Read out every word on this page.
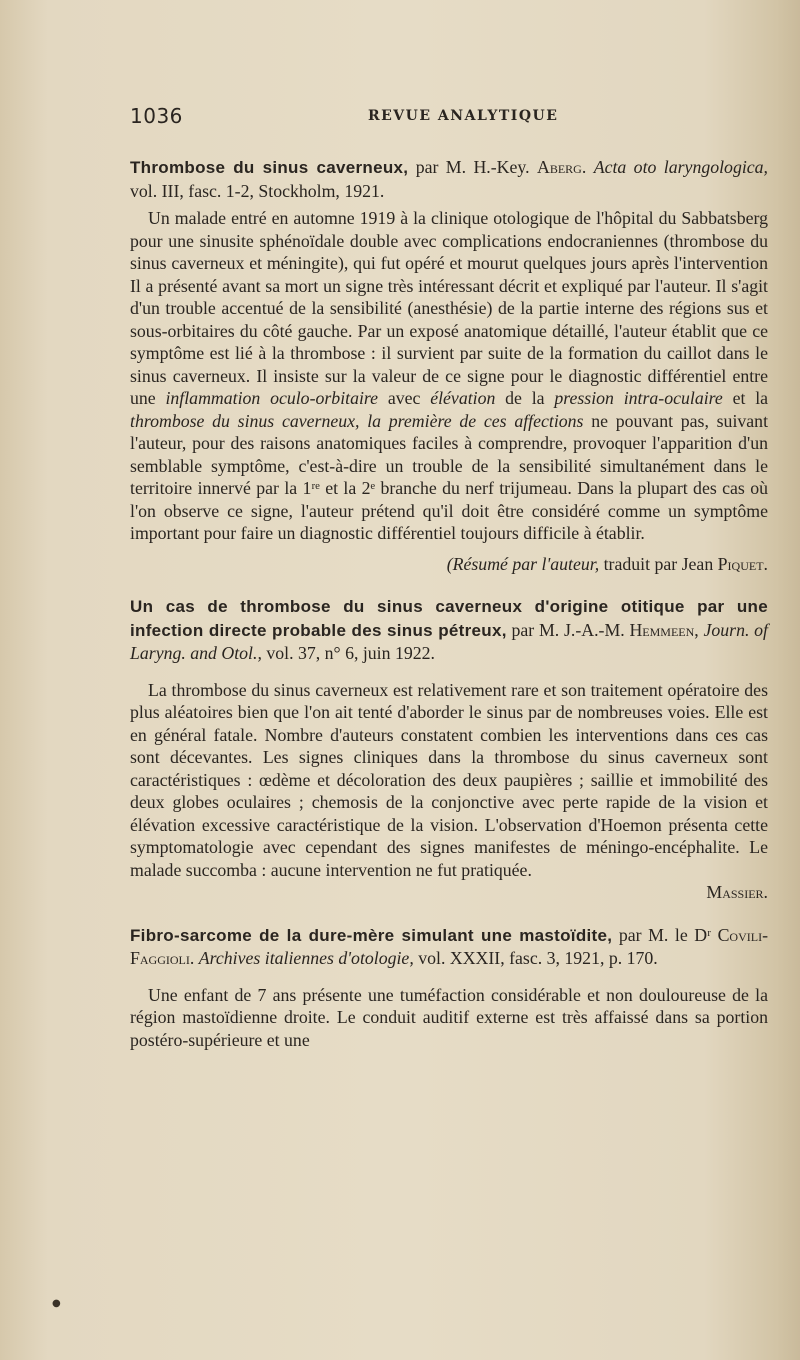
1036	REVUE ANALYTIQUE

Thrombose du sinus caverneux, par M. H.-Key. Aberg. Acta oto laryngologica, vol. III, fasc. 1-2, Stockholm, 1921.

Un malade entré en automne 1919 à la clinique otologique de l'hôpital du Sabbatsberg pour une sinusite sphénoïdale double avec complications endocraniennes (thrombose du sinus caverneux et méningite), qui fut opéré et mourut quelques jours après l'intervention Il a présenté avant sa mort un signe très intéressant décrit et expliqué par l'auteur. Il s'agit d'un trouble accentué de la sensibilité (anesthésie) de la partie interne des régions sus et sous-orbitaires du côté gauche. Par un exposé anatomique détaillé, l'auteur établit que ce symptôme est lié à la thrombose : il survient par suite de la formation du caillot dans le sinus caverneux. Il insiste sur la valeur de ce signe pour le diagnostic différentiel entre une inflammation oculo-orbitaire avec élévation de la pression intra-oculaire et la thrombose du sinus caverneux, la première de ces affections ne pouvant pas, suivant l'auteur, pour des raisons anatomiques faciles à comprendre, provoquer l'apparition d'un semblable symptôme, c'est-à-dire un trouble de la sensibilité simultanément dans le territoire innervé par la 1ʳᵉ et la 2ᵉ branche du nerf trijumeau. Dans la plupart des cas où l'on observe ce signe, l'auteur prétend qu'il doit être considéré comme un symptôme important pour faire un diagnostic différentiel toujours difficile à établir.

(Résumé par l'auteur, traduit par Jean Piquet.

Un cas de thrombose du sinus caverneux d'origine otitique par une infection directe probable des sinus pétreux, par M. J.-A.-M. Hemmeen, Journ. of Laryng. and Otol., vol. 37, n° 6, juin 1922.

La thrombose du sinus caverneux est relativement rare et son traitement opératoire des plus aléatoires bien que l'on ait tenté d'aborder le sinus par de nombreuses voies. Elle est en général fatale. Nombre d'auteurs constatent combien les interventions dans ces cas sont décevantes. Les signes cliniques dans la thrombose du sinus caverneux sont caractéristiques : œdème et décoloration des deux paupières ; saillie et immobilité des deux globes oculaires ; chemosis de la conjonctive avec perte rapide de la vision et élévation excessive caractéristique de la vision. L'observation d'Hoemon présenta cette symptomatologie avec cependant des signes manifestes de méningo-encéphalite. Le malade succomba : aucune intervention ne fut pratiquée.

Massier.

Fibro-sarcome de la dure-mère simulant une mastoïdite, par M. le Dʳ Covili-Faggioli. Archives italiennes d'otologie, vol. XXXII, fasc. 3, 1921, p. 170.

Une enfant de 7 ans présente une tuméfaction considérable et non douloureuse de la région mastoïdienne droite. Le conduit auditif externe est très affaissé dans sa portion postéro-supérieure et une

●
